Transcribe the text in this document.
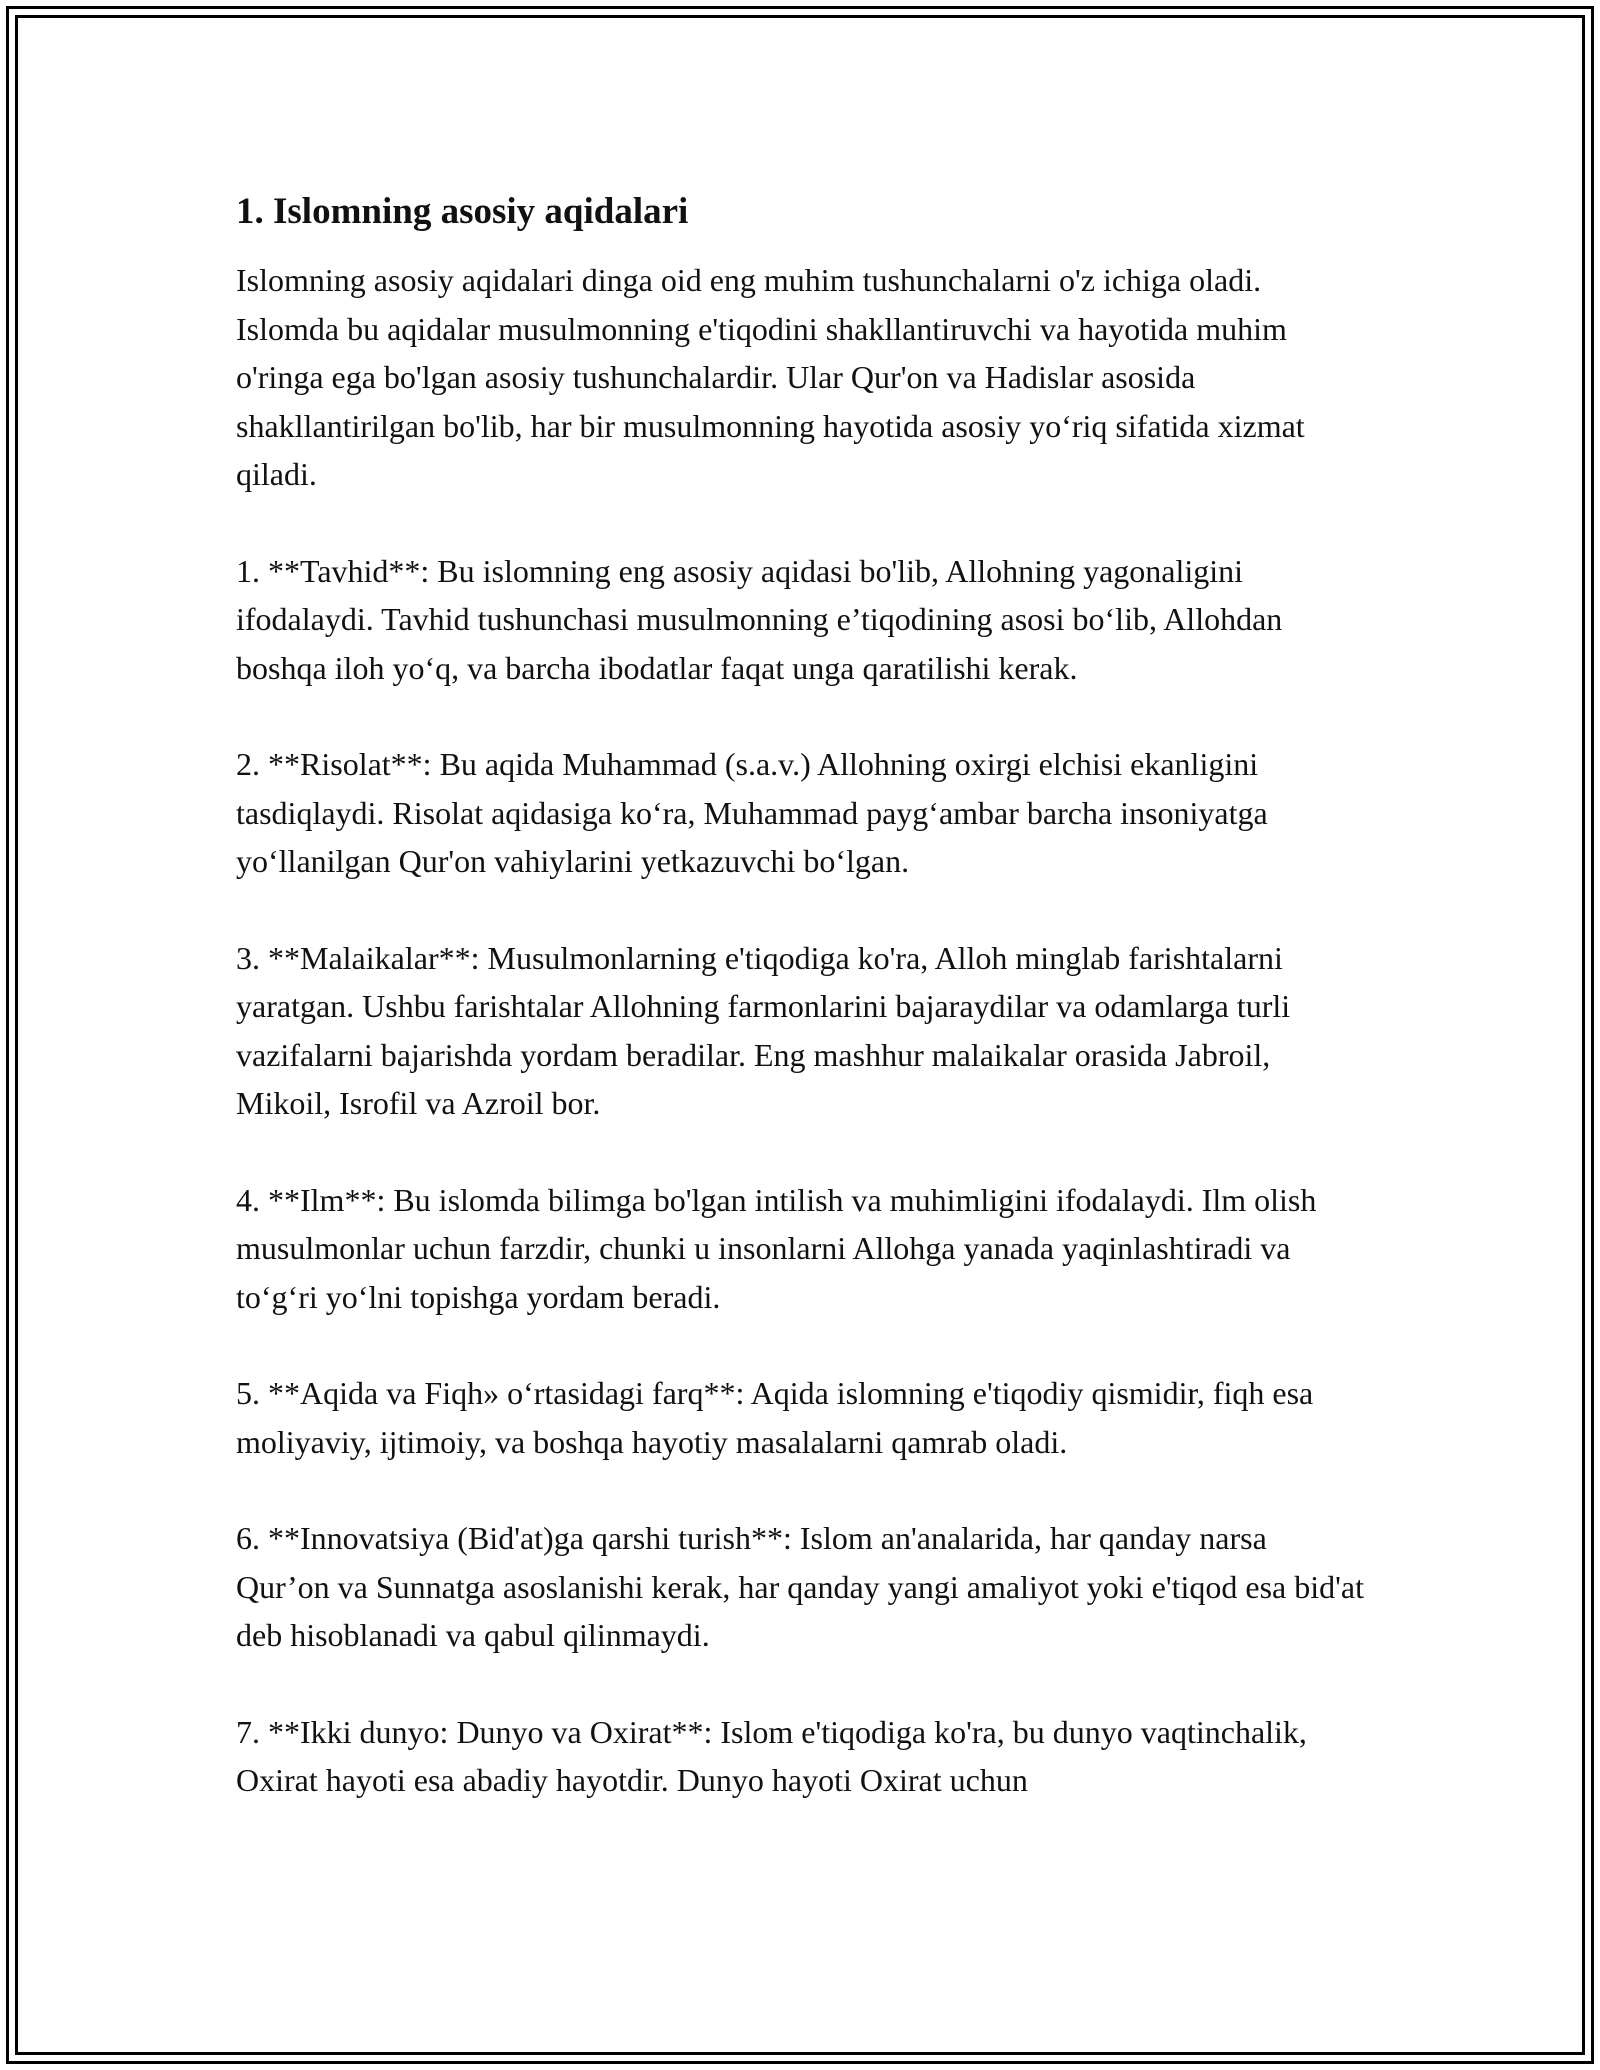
1. Islomning asosiy aqidalari

Islomning asosiy aqidalari dinga oid eng muhim tushunchalarni o'z ichiga oladi. Islomda bu aqidalar musulmonning e'tiqodini shakllantiruvchi va hayotida muhim o'ringa ega bo'lgan asosiy tushunchalardir. Ular Qur'on va Hadislar asosida shakllantirilgan bo'lib, har bir musulmonning hayotida asosiy yo‘riq sifatida xizmat qiladi.

1. **Tavhid**: Bu islomning eng asosiy aqidasi bo'lib, Allohning yagonaligini ifodalaydi. Tavhid tushunchasi musulmonning e’tiqodining asosi bo‘lib, Allohdan boshqa iloh yo‘q, va barcha ibodatlar faqat unga qaratilishi kerak.

2. **Risolat**: Bu aqida Muhammad (s.a.v.) Allohning oxirgi elchisi ekanligini tasdiqlaydi. Risolat aqidasiga ko‘ra, Muhammad payg‘ambar barcha insoniyatga yo‘llanilgan Qur'on vahiylarini yetkazuvchi bo‘lgan.

3. **Malaikalar**: Musulmonlarning e'tiqodiga ko'ra, Alloh minglab farishtalarni yaratgan. Ushbu farishtalar Allohning farmonlarini bajaraydilar va odamlarga turli vazifalarni bajarishda yordam beradilar. Eng mashhur malaikalar orasida Jabroil, Mikoil, Isrofil va Azroil bor.

4. **Ilm**: Bu islomda bilimga bo'lgan intilish va muhimligini ifodalaydi. Ilm olish musulmonlar uchun farzdir, chunki u insonlarni Allohga yanada yaqinlashtiradi va to‘g‘ri yo‘lni topishga yordam beradi.

5. **Aqida va Fiqh» o‘rtasidagi farq**: Aqida islomning e'tiqodiy qismidir, fiqh esa moliyaviy, ijtimoiy, va boshqa hayotiy masalalarni qamrab oladi.

6. **Innovatsiya (Bid'at)ga qarshi turish**: Islom an'analarida, har qanday narsa Qur’on va Sunnatga asoslanishi kerak, har qanday yangi amaliyot yoki e'tiqod esa bid'at deb hisoblanadi va qabul qilinmaydi.

7. **Ikki dunyo: Dunyo va Oxirat**: Islom e'tiqodiga ko'ra, bu dunyo vaqtinchalik, Oxirat hayoti esa abadiy hayotdir. Dunyo hayoti Oxirat uchun
